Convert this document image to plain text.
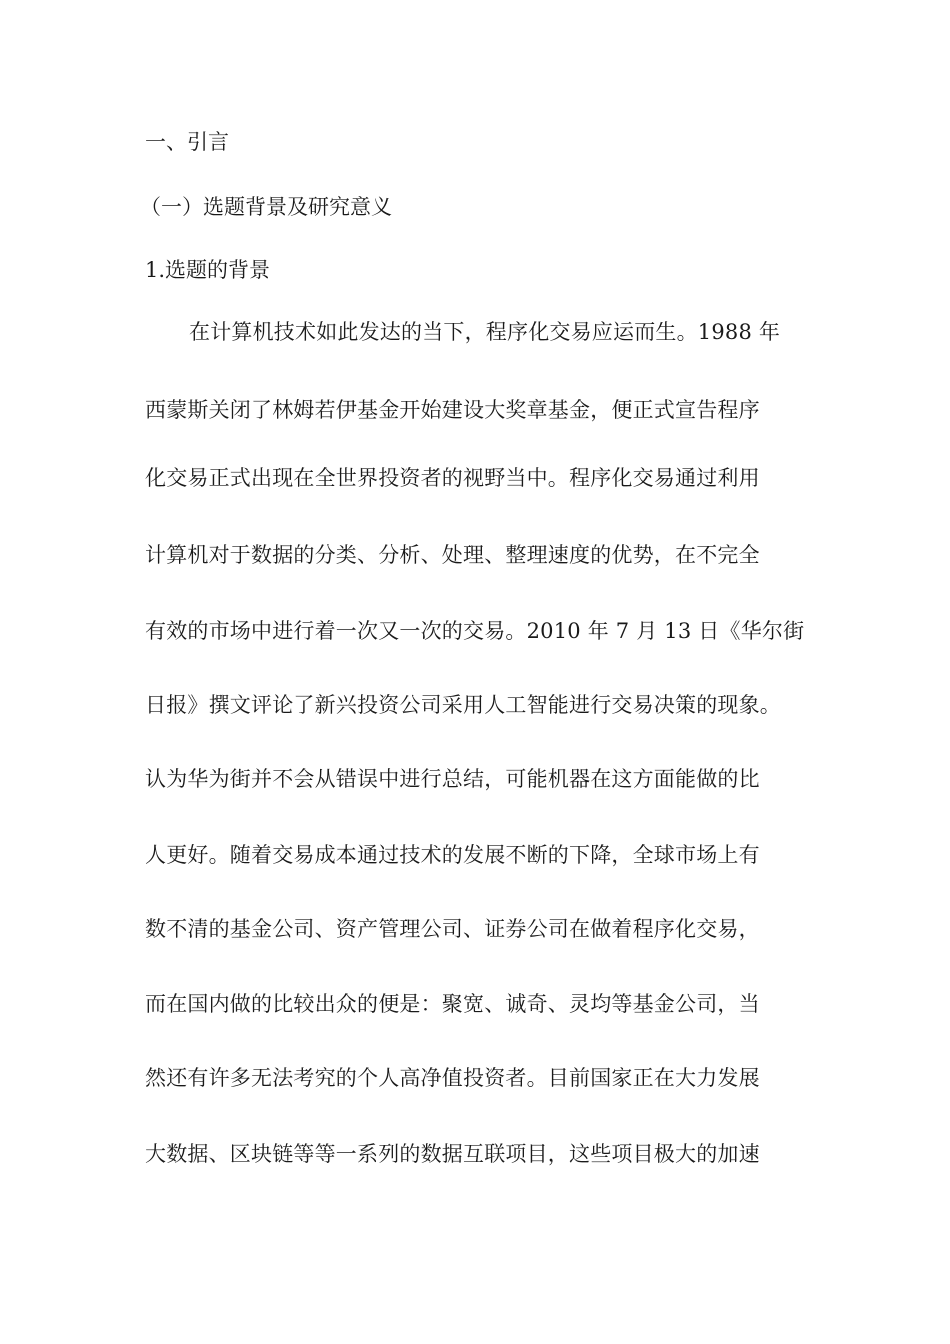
一、引言
（一）选题背景及研究意义
1.选题的背景
在计算机技术如此发达的当下，程序化交易应运而生。1988 年
西蒙斯关闭了林姆若伊基金开始建设大奖章基金，便正式宣告程序
化交易正式出现在全世界投资者的视野当中。程序化交易通过利用
计算机对于数据的分类、分析、处理、整理速度的优势，在不完全
有效的市场中进行着一次又一次的交易。2010 年 7 月 13 日《华尔街
日报》撰文评论了新兴投资公司采用人工智能进行交易决策的现象。
认为华为街并不会从错误中进行总结，可能机器在这方面能做的比
人更好。随着交易成本通过技术的发展不断的下降，全球市场上有
数不清的基金公司、资产管理公司、证券公司在做着程序化交易，
而在国内做的比较出众的便是：聚宽、诚奇、灵均等基金公司，当
然还有许多无法考究的个人高净值投资者。目前国家正在大力发展
大数据、区块链等等一系列的数据互联项目，这些项目极大的加速
